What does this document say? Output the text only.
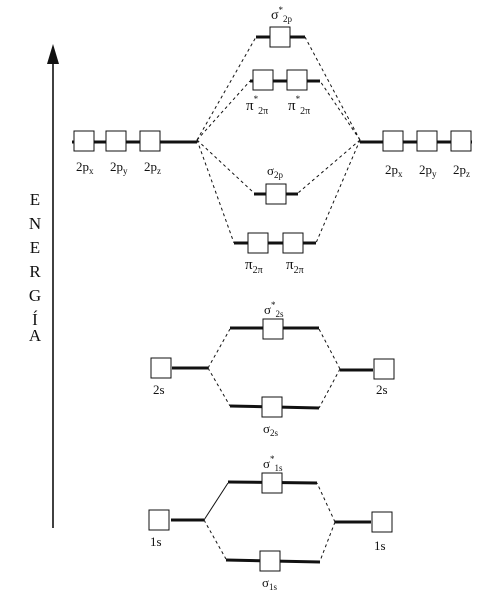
E
N
E
R
G
Í
A
$2p_x$ $2p_y$ $2p_z$	$2p_x$ $2p_y$ $2p_z$
$\sigma^*_{2p}$
$\pi^*_{2\pi}$ $\pi^*_{2\pi}$
$\sigma_{2p}$
$\pi_{2\pi}$ $\pi_{2\pi}$
2s	2s
$\sigma^*_{2s}$
$\sigma_{2s}$
1s	1s
$\sigma^*_{1s}$
$\sigma_{1s}$
